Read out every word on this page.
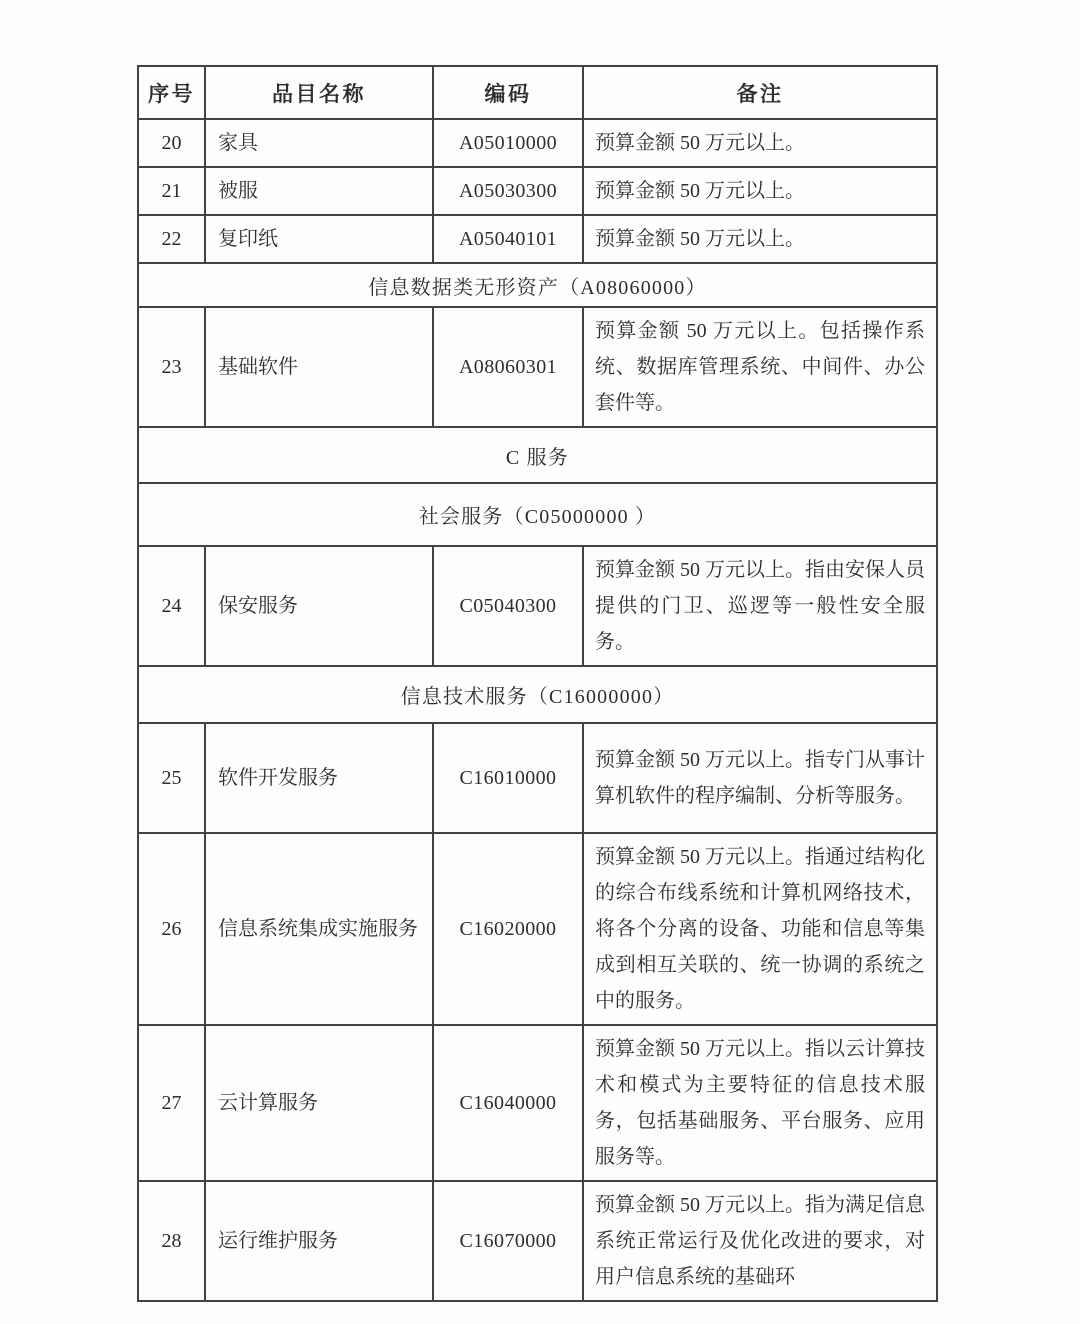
序号	品目名称	编码	备注
20	家具	A05010000	预算金额 50 万元以上。
21	被服	A05030300	预算金额 50 万元以上。
22	复印纸	A05040101	预算金额 50 万元以上。
信息数据类无形资产（A08060000）			
23	基础软件	A08060301	预算金额 50 万元以上。包括操作系统、数据库管理系统、中间件、办公套件等。
C 服务			
社会服务（C05000000 ）			
24	保安服务	C05040300	预算金额 50 万元以上。指由安保人员提供的门卫、巡逻等一般性安全服务。
信息技术服务（C16000000）			
25	软件开发服务	C16010000	预算金额 50 万元以上。指专门从事计算机软件的程序编制、分析等服务。
26	信息系统集成实施服务	C16020000	预算金额 50 万元以上。指通过结构化的综合布线系统和计算机网络技术，将各个分离的设备、功能和信息等集成到相互关联的、统一协调的系统之中的服务。
27	云计算服务	C16040000	预算金额 50 万元以上。指以云计算技术和模式为主要特征的信息技术服务，包括基础服务、平台服务、应用服务等。
28	运行维护服务	C16070000	预算金额 50 万元以上。指为满足信息系统正常运行及优化改进的要求，对用户信息系统的基础环
